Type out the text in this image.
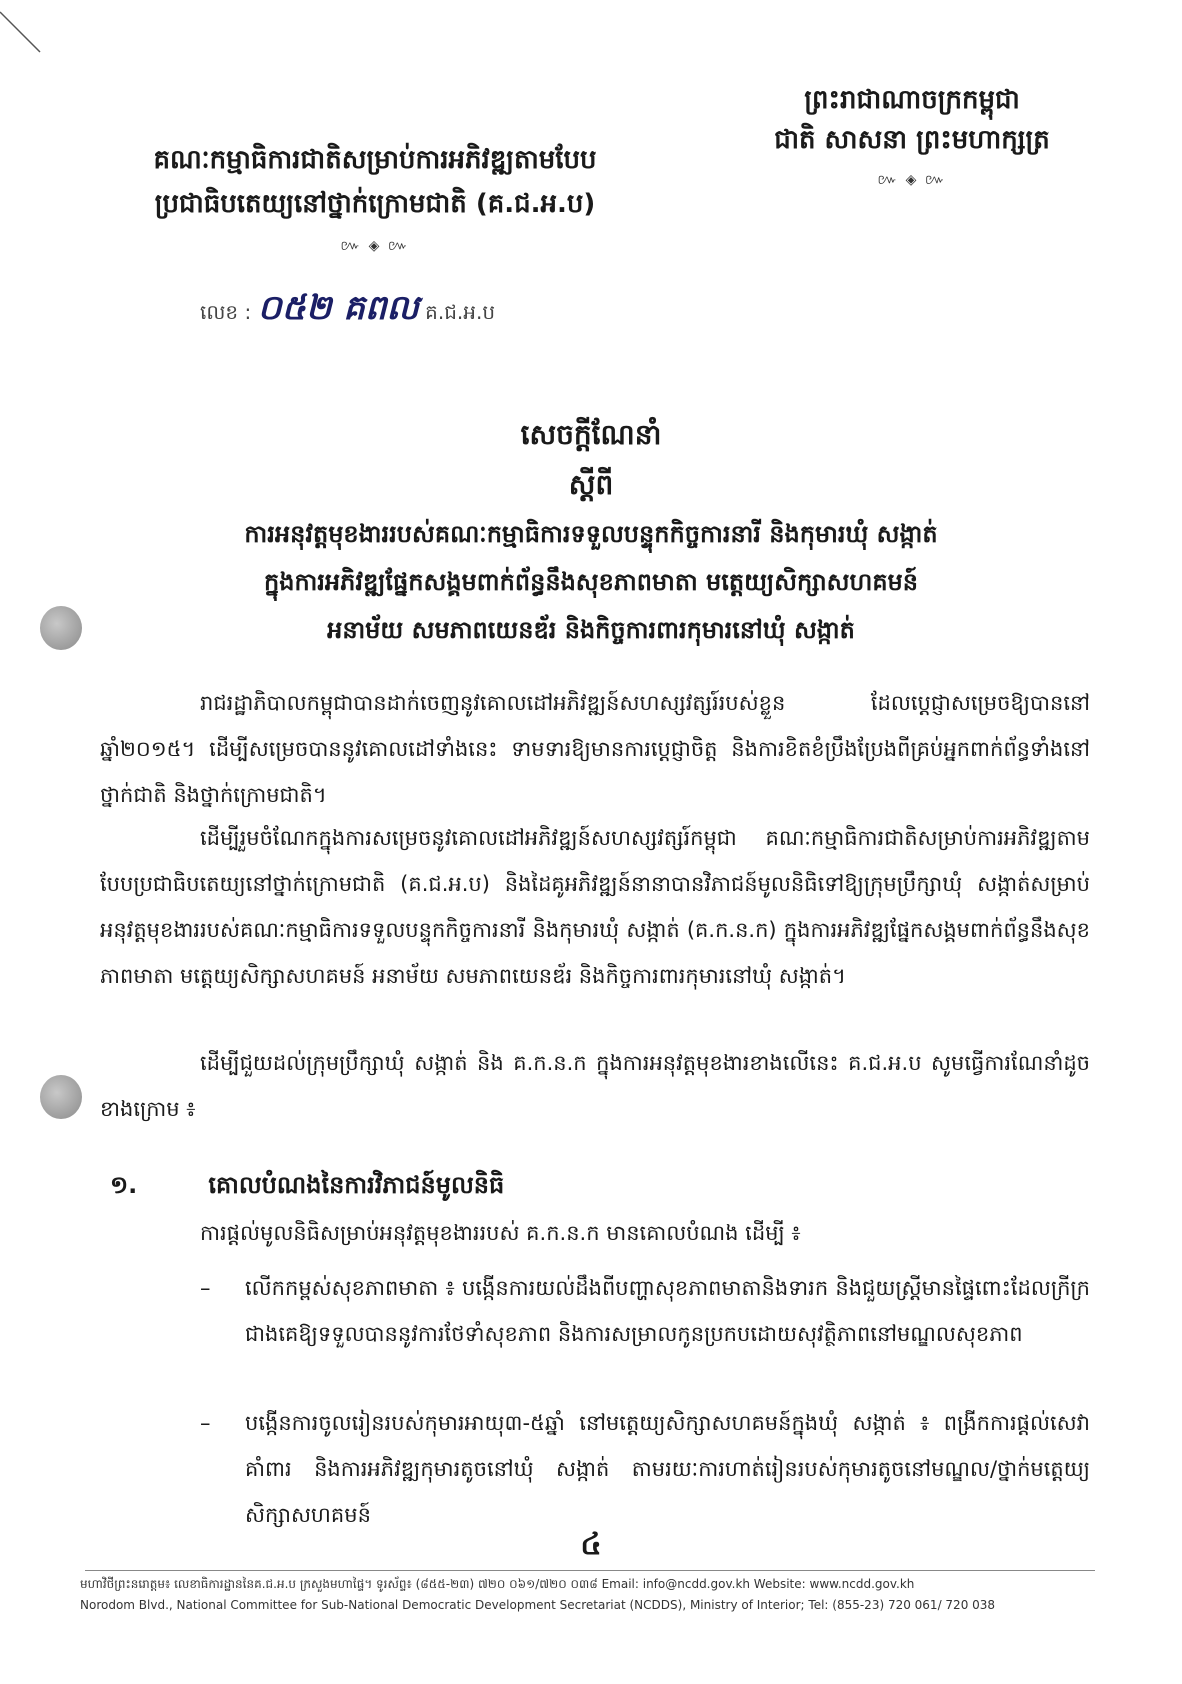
ព្រះរាជាណាចក្រកម្ពុជា
ជាតិ សាសនា ព្រះមហាក្សត្រ
៚ ◈ ៚
គណៈកម្មាធិការជាតិសម្រាប់ការអភិវឌ្ឍតាមបែប
ប្រជាធិបតេយ្យនៅថ្នាក់ក្រោមជាតិ (គ.ជ.អ.ប)
៚ ◈ ៚
លេខ : ០៥២ គពល គ.ជ.អ.ប
សេចក្ដីណែនាំ
ស្ដីពី
ការអនុវត្តមុខងាររបស់គណៈកម្មាធិការទទួលបន្ទុកកិច្ចការនារី និងកុមារឃុំ សង្កាត់
ក្នុងការអភិវឌ្ឍផ្នែកសង្គមពាក់ព័ន្ធនឹងសុខភាពមាតា មត្តេយ្យសិក្សាសហគមន៍
អនាម័យ សមភាពយេនឌ័រ និងកិច្ចការពារកុមារនៅឃុំ សង្កាត់

រាជរដ្ឋាភិបាលកម្ពុជាបានដាក់ចេញនូវគោលដៅអភិវឌ្ឍន៍សហស្សវត្សរ៍របស់ខ្លួន ដែលប្ដេជ្ញាសម្រេចឱ្យបាននៅឆ្នាំ២០១៥។ ដើម្បីសម្រេចបាននូវគោលដៅទាំងនេះ ទាមទារឱ្យមានការប្ដេជ្ញាចិត្ត និងការខិតខំប្រឹងប្រែងពីគ្រប់អ្នកពាក់ព័ន្ធទាំងនៅថ្នាក់ជាតិ និងថ្នាក់ក្រោមជាតិ។

ដើម្បីរួមចំណែកក្នុងការសម្រេចនូវគោលដៅអភិវឌ្ឍន៍សហស្សវត្សរ៍កម្ពុជា គណៈកម្មាធិការជាតិសម្រាប់ការអភិវឌ្ឍតាមបែបប្រជាធិបតេយ្យនៅថ្នាក់ក្រោមជាតិ (គ.ជ.អ.ប) និងដៃគូអភិវឌ្ឍន៍នានាបានវិភាជន៍មូលនិធិទៅឱ្យក្រុមប្រឹក្សាឃុំ សង្កាត់សម្រាប់អនុវត្តមុខងាររបស់គណៈកម្មាធិការទទួលបន្ទុកកិច្ចការនារី និងកុមារឃុំ សង្កាត់ (គ.ក.ន.ក) ក្នុងការអភិវឌ្ឍផ្នែកសង្គមពាក់ព័ន្ធនឹងសុខភាពមាតា មត្តេយ្យសិក្សាសហគមន៍ អនាម័យ សមភាពយេនឌ័រ និងកិច្ចការពារកុមារនៅឃុំ សង្កាត់។

ដើម្បីជួយដល់ក្រុមប្រឹក្សាឃុំ សង្កាត់ និង គ.ក.ន.ក ក្នុងការអនុវត្តមុខងារខាងលើនេះ គ.ជ.អ.ប សូមធ្វើការណែនាំដូចខាងក្រោម ៖

១.	គោលបំណងនៃការវិភាជន៍មូលនិធិ
ការផ្ដល់មូលនិធិសម្រាប់អនុវត្តមុខងាររបស់ គ.ក.ន.ក មានគោលបំណង ដើម្បី ៖
– លើកកម្ពស់សុខភាពមាតា ៖ បង្កើនការយល់ដឹងពីបញ្ហាសុខភាពមាតានិងទារក និងជួយស្ត្រីមានផ្ទៃពោះដែលក្រីក្រជាងគេឱ្យទទួលបាននូវការថែទាំសុខភាព និងការសម្រាលកូនប្រកបដោយសុវត្ថិភាពនៅមណ្ឌលសុខភាព
– បង្កើនការចូលរៀនរបស់កុមារអាយុ៣-៥ឆ្នាំ នៅមត្តេយ្យសិក្សាសហគមន៍ក្នុងឃុំ សង្កាត់ ៖ ពង្រីកការផ្ដល់សេវាគាំពារ និងការអភិវឌ្ឍកុមារតូចនៅឃុំ សង្កាត់ តាមរយៈការហាត់រៀនរបស់កុមារតូចនៅមណ្ឌល/ថ្នាក់មត្តេយ្យសិក្សាសហគមន៍
៤
មហាវិថីព្រះនរោត្តម៖ លេខាធិការដ្ឋាននៃគ.ជ.អ.ប ក្រសួងមហាផ្ទៃ។ ទូរស័ព្ទ៖ (៨៥៥-២៣) ៧២០ ០៦១/៧២០ ០៣៨ Email: info@ncdd.gov.kh Website: www.ncdd.gov.kh
Norodom Blvd., National Committee for Sub-National Democratic Development Secretariat (NCDDS), Ministry of Interior; Tel: (855-23) 720 061/ 720 038
